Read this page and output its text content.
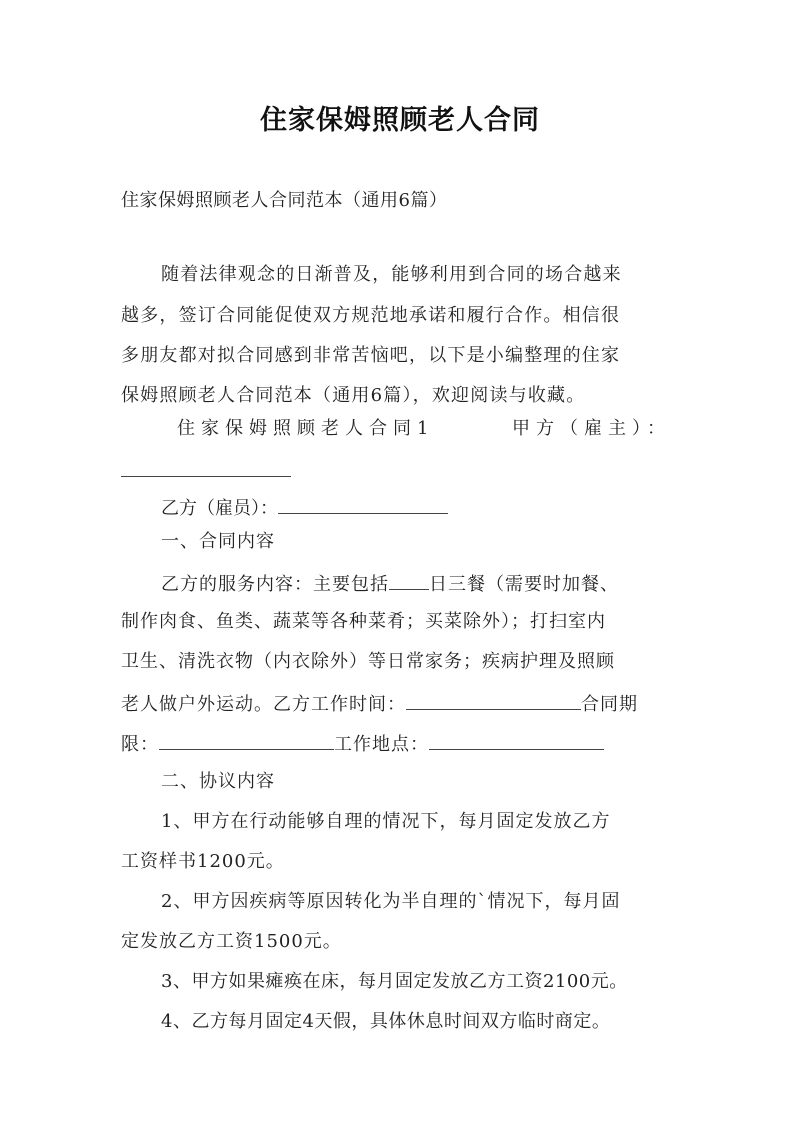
住家保姆照顾老人合同
住家保姆照顾老人合同范本（通用6篇）
随着法律观念的日渐普及，能够利用到合同的场合越来
越多，签订合同能促使双方规范地承诺和履行合作。相信很
多朋友都对拟合同感到非常苦恼吧，以下是小编整理的住家
保姆照顾老人合同范本（通用6篇），欢迎阅读与收藏。
住家保姆照顾老人合同1	甲方（雇主）：
乙方（雇员）：
一、合同内容
乙方的服务内容：主要包括 日三餐（需要时加餐、
制作肉食、鱼类、蔬菜等各种菜肴；买菜除外）；打扫室内
卫生、清洗衣物（内衣除外）等日常家务；疾病护理及照顾
老人做户外运动。乙方工作时间：	合同期
限：	工作地点：
二、协议内容
1、甲方在行动能够自理的情况下，每月固定发放乙方
工资样书1200元。
2、甲方因疾病等原因转化为半自理的`情况下，每月固
定发放乙方工资1500元。
3、甲方如果瘫痪在床，每月固定发放乙方工资2100元。
4、乙方每月固定4天假，具体休息时间双方临时商定。
